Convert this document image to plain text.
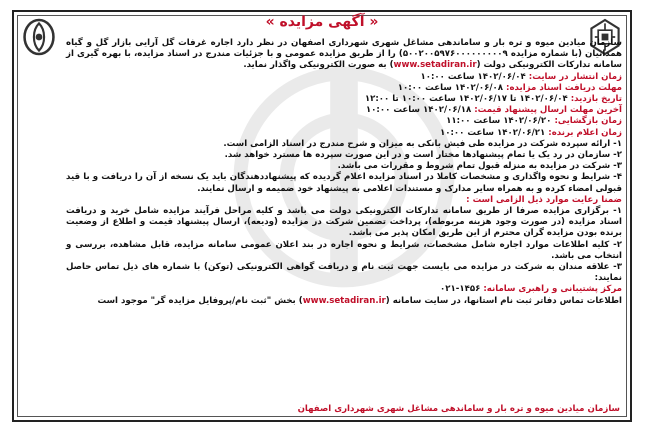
« آگهی مزایده »

سازمان میادین میوه و تره بار و ساماندهی مشاغل شهری شهرداری اصفهان در نظر دارد اجاره غرفات گل آرایی بازار گل و گیاه همدانیان (با شماره مزایده ۵۰۰۲۰۰۵۹۷۶۰۰۰۰۰۰۰۰۰۹) را از طریق مزایده عمومی و با جزئیات مندرج در اسناد مزایده، با بهره گیری از سامانه تدارکات الکترونیکی دولت (www.setadiran.ir) به صورت الکترونیکی واگذار نماید.

زمان انتشار در سایت: ۱۴۰۲/۰۶/۰۴ ساعت ۱۰:۰۰

مهلت دریافت اسناد مزایده: ۱۴۰۲/۰۶/۰۸ ساعت ۱۰:۰۰

تاریخ بازدید: ۱۴۰۲/۰۶/۰۴ تا ۱۴۰۲/۰۶/۱۷ ساعت ۱۰:۰۰ تا ۱۲:۰۰

آخرین مهلت ارسال پیشنهاد قیمت: ۱۴۰۲/۰۶/۱۸ ساعت ۱۰:۰۰

زمان بازگشایی: ۱۴۰۲/۰۶/۲۰ ساعت ۱۱:۰۰

زمان اعلام برنده: ۱۴۰۲/۰۶/۲۱ ساعت ۱۰:۰۰

۱- ارائه سپرده شرکت در مزایده طی فیش بانکی به میزان و شرح مندرج در اسناد الزامی است.

۲- سازمان در رد یک یا تمام پیشنهادها مختار است و در این صورت سپرده ها مسترد خواهد شد.

۳- شرکت در مزایده به منزله قبول تمام شروط و مقررات می باشد.

۴- شرایط و نحوه واگذاری و مشخصات کاملا در اسناد مزایده اعلام گردیده که پیشنهاددهندگان باید یک نسخه از آن را دریافت و با قید قبولی امضاء کرده و به همراه سایر مدارک و مستندات اعلامی به پیشنهاد خود ضمیمه و ارسال نمایند.

ضمنا رعایت موارد ذیل الزامی است :

۱- برگزاری مزایده صرفا از طریق سامانه تدارکات الکترونیکی دولت می باشد و کلیه مراحل فرآیند مزایده شامل خرید و دریافت اسناد مزایده (در صورت وجود هزینه مربوطه)، پرداخت تضمین شرکت در مزایده (ودیعه)، ارسال پیشنهاد قیمت و اطلاع از وضعیت برنده بودن مزایده گران محترم از این طریق امکان پذیر می باشد.

۲- کلیه اطلاعات موارد اجاره شامل مشخصات، شرایط و نحوه اجاره در بند اعلان عمومی سامانه مزایده، قابل مشاهده، بررسی و انتخاب می باشد.

۳- علاقه مندان به شرکت در مزایده می بایست جهت ثبت نام و دریافت گواهی الکترونیکی (توکن) با شماره های ذیل تماس حاصل نمایند:

مرکز پشتیبانی و راهبری سامانه: ۱۴۵۶-۰۲۱

اطلاعات تماس دفاتر ثبت نام استانها، در سایت سامانه (www.setadiran.ir) بخش "ثبت نام/پروفایل مزایده گر" موجود است

سازمان میادین میوه و تره بار و ساماندهی مشاغل شهری شهرداری اصفهان
